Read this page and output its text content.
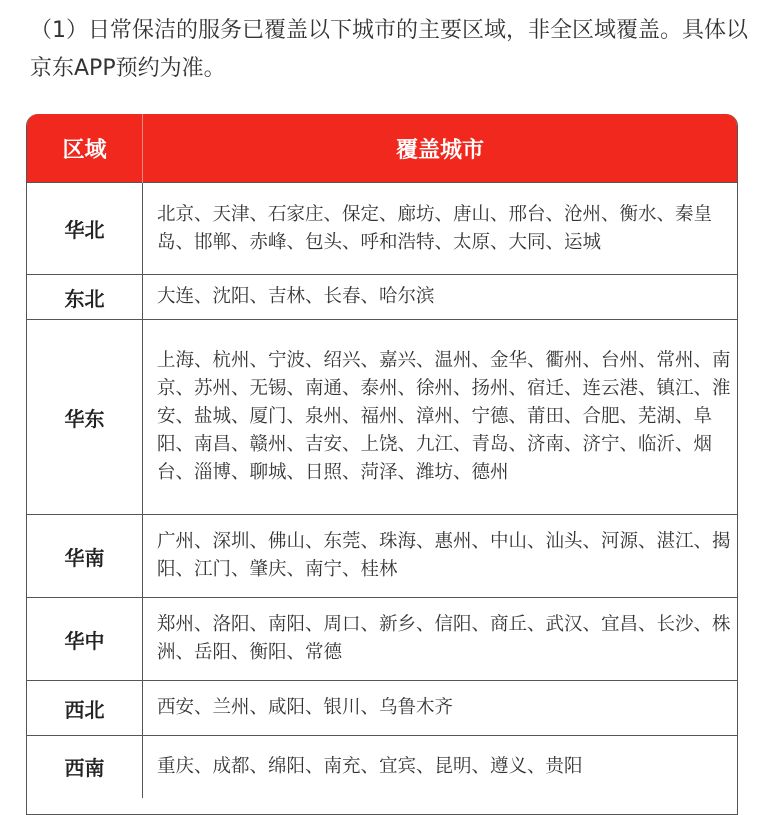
（1）日常保洁的服务已覆盖以下城市的主要区域，非全区域覆盖。具体以京东APP预约为准。

区域	覆盖城市
华北	北京、天津、石家庄、保定、廊坊、唐山、邢台、沧州、衡水、秦皇岛、邯郸、赤峰、包头、呼和浩特、太原、大同、运城
东北	大连、沈阳、吉林、长春、哈尔滨
华东	上海、杭州、宁波、绍兴、嘉兴、温州、金华、衢州、台州、常州、南京、苏州、无锡、南通、泰州、徐州、扬州、宿迁、连云港、镇江、淮安、盐城、厦门、泉州、福州、漳州、宁德、莆田、合肥、芜湖、阜阳、南昌、赣州、吉安、上饶、九江、青岛、济南、济宁、临沂、烟台、淄博、聊城、日照、菏泽、潍坊、德州
华南	广州、深圳、佛山、东莞、珠海、惠州、中山、汕头、河源、湛江、揭阳、江门、肇庆、南宁、桂林
华中	郑州、洛阳、南阳、周口、新乡、信阳、商丘、武汉、宜昌、长沙、株洲、岳阳、衡阳、常德
西北	西安、兰州、咸阳、银川、乌鲁木齐
西南	重庆、成都、绵阳、南充、宜宾、昆明、遵义、贵阳
